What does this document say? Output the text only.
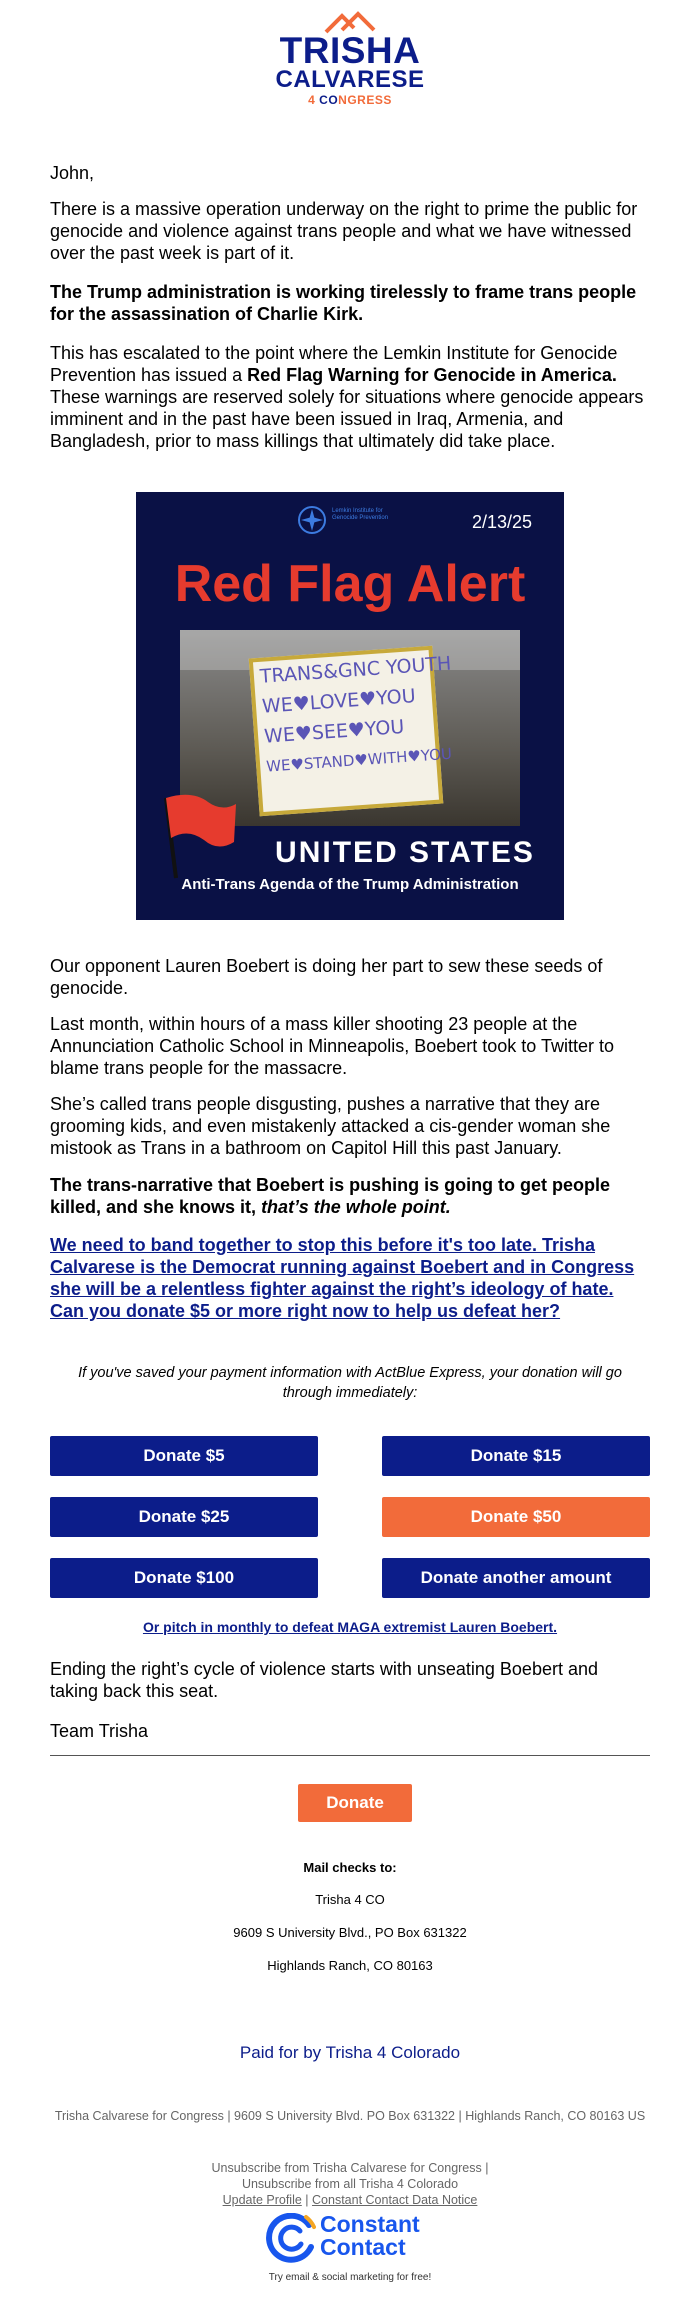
TRISHA
CALVARESE
4 CONGRESS

John,

There is a massive operation underway on the right to prime the public for genocide and violence against trans people and what we have witnessed over the past week is part of it.

The Trump administration is working tirelessly to frame trans people for the assassination of Charlie Kirk.

This has escalated to the point where the Lemkin Institute for Genocide Prevention has issued a Red Flag Warning for Genocide in America. These warnings are reserved solely for situations where genocide appears imminent and in the past have been issued in Iraq, Armenia, and Bangladesh, prior to mass killings that ultimately did take place.

Lemkin Institute for
Genocide Prevention	2/13/25
Red Flag Alert
TRANS&GNC YOUTH
WE♥LOVE♥YOU
WE♥SEE♥YOU
WE♥STAND♥WITH♥YOU
UNITED STATES
Anti-Trans Agenda of the Trump Administration

Our opponent Lauren Boebert is doing her part to sew these seeds of genocide.

Last month, within hours of a mass killer shooting 23 people at the Annunciation Catholic School in Minneapolis, Boebert took to Twitter to blame trans people for the massacre.

She’s called trans people disgusting, pushes a narrative that they are grooming kids, and even mistakenly attacked a cis-gender woman she mistook as Trans in a bathroom on Capitol Hill this past January.

The trans-narrative that Boebert is pushing is going to get people killed, and she knows it, that’s the whole point.

We need to band together to stop this before it's too late. Trisha Calvarese is the Democrat running against Boebert and in Congress she will be a relentless fighter against the right’s ideology of hate. Can you donate $5 or more right now to help us defeat her?

If you've saved your payment information with ActBlue Express, your donation will go through immediately:
Donate $5	Donate $15
Donate $25	Donate $50
Donate $100	Donate another amount
Or pitch in monthly to defeat MAGA extremist Lauren Boebert.

Ending the right’s cycle of violence starts with unseating Boebert and taking back this seat.

Team Trisha

Donate
Mail checks to:
Trisha 4 CO
9609 S University Blvd., PO Box 631322
Highlands Ranch, CO 80163
Paid for by Trisha 4 Colorado
Trisha Calvarese for Congress | 9609 S University Blvd. PO Box 631322 | Highlands Ranch, CO 80163 US
Unsubscribe from Trisha Calvarese for Congress |
Unsubscribe from all Trisha 4 Colorado
Update Profile | Constant Contact Data Notice
Constant
Contact
Try email & social marketing for free!
